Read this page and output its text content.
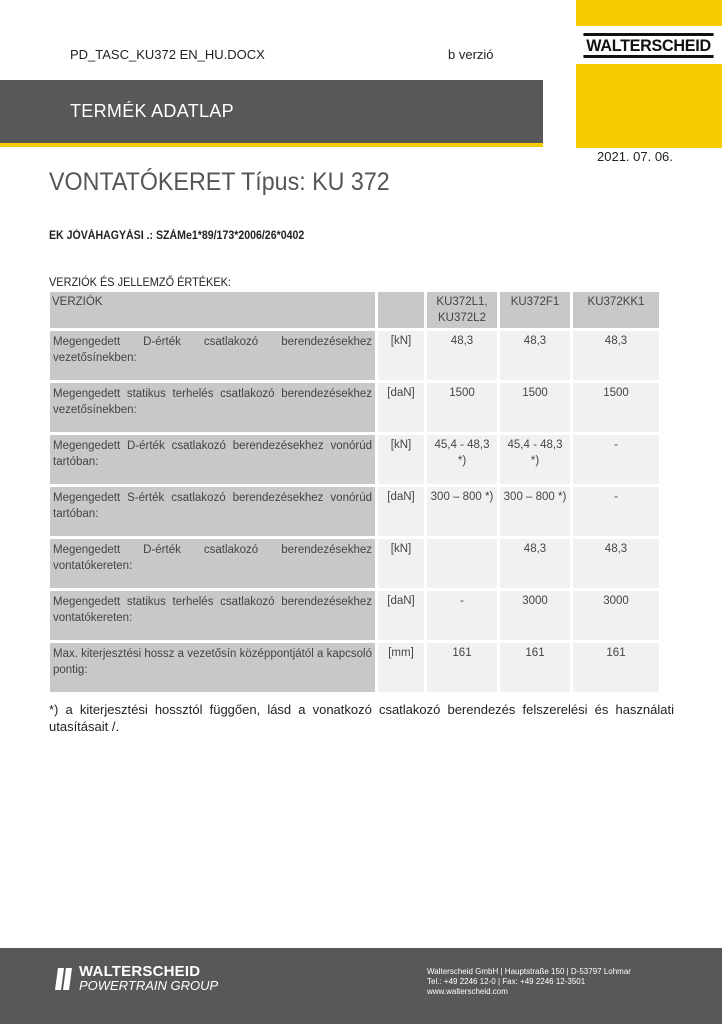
PD_TASC_KU372 EN_HU.DOCX	b verzió	WALTERSCHEID
TERMÉK ADATLAP
2021. 07. 06.
VONTATÓKERET Típus: KU 372
EK JÓVÁHAGYÁSI .: SZÁMe1*89/173*2006/26*0402
VERZIÓK ÉS JELLEMZŐ ÉRTÉKEK:
VERZIÓK		KU372L1, KU372L2	KU372F1	KU372KK1
Megengedett D-érték csatlakozó berendezésekhez vezetősínekben:	[kN]	48,3	48,3	48,3
Megengedett statikus terhelés csatlakozó berendezésekhez vezetősínekben:	[daN]	1500	1500	1500
Megengedett D-érték csatlakozó berendezésekhez vonórúd tartóban:	[kN]	45,4 - 48,3 *)	45,4 - 48,3 *)	-
Megengedett S-érték csatlakozó berendezésekhez vonórúd tartóban:	[daN]	300 – 800 *)	300 – 800 *)	-
Megengedett D-érték csatlakozó berendezésekhez vontatókereten:	[kN]		48,3	48,3
Megengedett statikus terhelés csatlakozó berendezésekhez vontatókereten:	[daN]	-	3000	3000
Max. kiterjesztési hossz a vezetősín középpontjától a kapcsoló pontig:	[mm]	161	161	161
*) a kiterjesztési hossztól függően, lásd a vonatkozó csatlakozó berendezés felszerelési és használati utasításait /.
WALTERSCHEID
POWERTRAIN GROUP
Walterscheid GmbH | Hauptstraße 150 | D-53797 Lohmar
Tel.: +49 2246 12-0 | Fax: +49 2246 12-3501
www.walterscheid.com
